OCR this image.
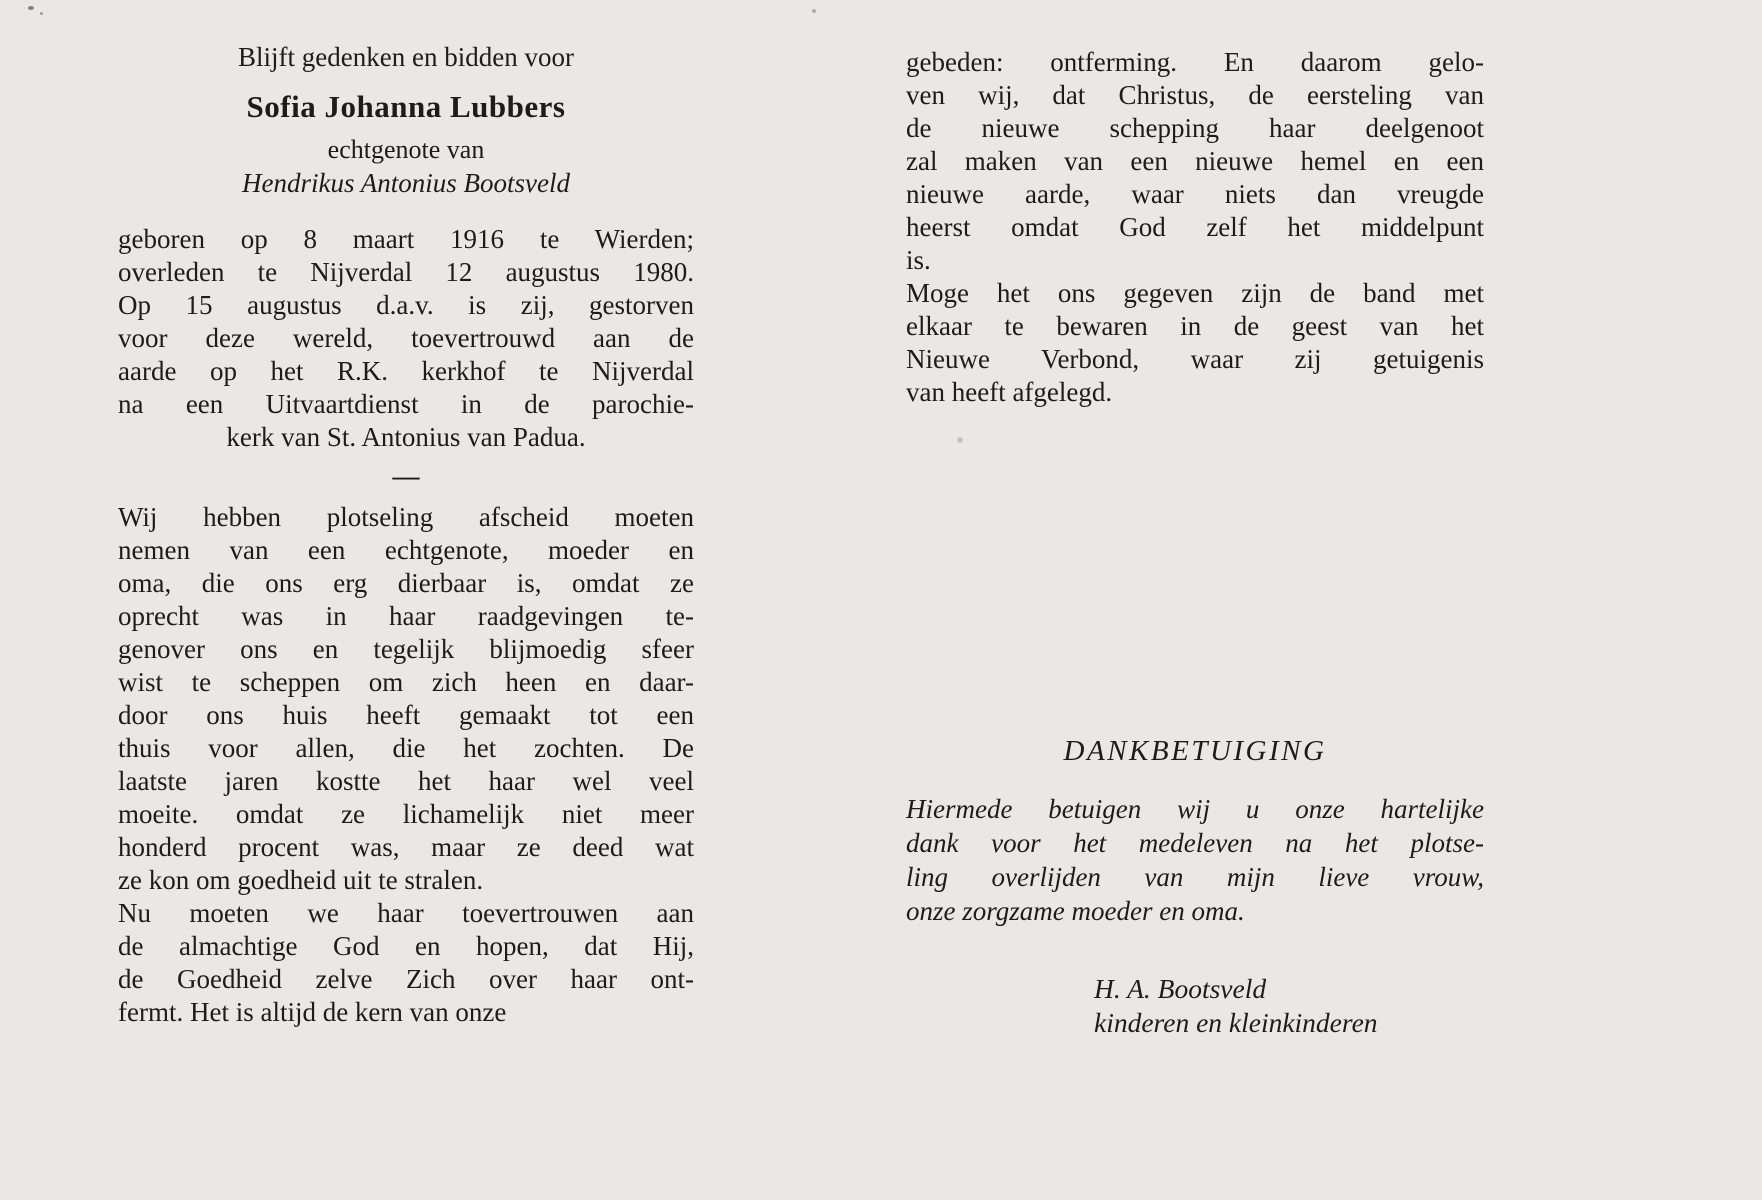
Blijft gedenken en bidden voor
Sofia Johanna Lubbers
echtgenote van
Hendrikus Antonius Bootsveld
geboren op 8 maart 1916 te Wierden;
overleden te Nijverdal 12 augustus 1980.
Op 15 augustus d.a.v. is zij, gestorven
voor deze wereld, toevertrouwd aan de
aarde op het R.K. kerkhof te Nijverdal
na een Uitvaartdienst in de parochie-
kerk van St. Antonius van Padua.
—
Wij hebben plotseling afscheid moeten
nemen van een echtgenote, moeder en
oma, die ons erg dierbaar is, omdat ze
oprecht was in haar raadgevingen te-
genover ons en tegelijk blijmoedig sfeer
wist te scheppen om zich heen en daar-
door ons huis heeft gemaakt tot een
thuis voor allen, die het zochten. De
laatste jaren kostte het haar wel veel
moeite. omdat ze lichamelijk niet meer
honderd procent was, maar ze deed wat
ze kon om goedheid uit te stralen.
Nu moeten we haar toevertrouwen aan
de almachtige God en hopen, dat Hij,
de Goedheid zelve Zich over haar ont-
fermt. Het is altijd de kern van onze
gebeden: ontferming. En daarom gelo-
ven wij, dat Christus, de eersteling van
de nieuwe schepping haar deelgenoot
zal maken van een nieuwe hemel en een
nieuwe aarde, waar niets dan vreugde
heerst omdat God zelf het middelpunt
is.
Moge het ons gegeven zijn de band met
elkaar te bewaren in de geest van het
Nieuwe Verbond, waar zij getuigenis
van heeft afgelegd.
DANKBETUIGING
Hiermede betuigen wij u onze hartelijke
dank voor het medeleven na het plotse-
ling overlijden van mijn lieve vrouw,
onze zorgzame moeder en oma.
H. A. Bootsveld
kinderen en kleinkinderen
